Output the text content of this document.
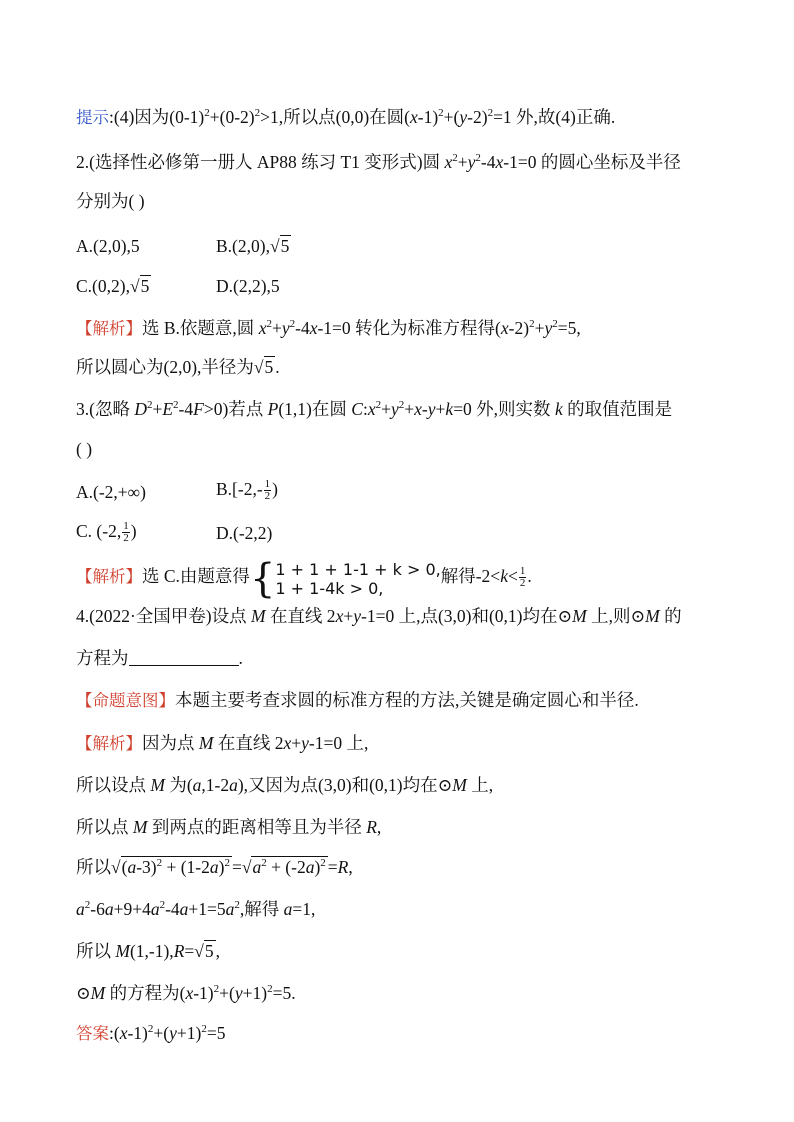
提示:(4)因为$(0-1)^2+(0-2)^2>1$,所以点(0,0)在圆$(x-1)^2+(y-2)^2=1$ 外,故(4)正确.

2.(选择性必修第一册人 AP88 练习 T1 变形式)圆 $x^2+y^2-4x-1=0$ 的圆心坐标及半径

分别为( )

A.(2,0),5	B.(2,0),√5

C.(0,2),√5	D.(2,2),5

【解析】选 B.依题意,圆 $x^2+y^2-4x-1=0$ 转化为标准方程得$(x-2)^2+y^2=5$,

所以圆心为(2,0),半径为√5 .

3.(忽略 $D^2+E^2-4F>0$)若点 P(1,1)在圆 $C:x^2+y^2+x-y+k=0$ 外,则实数 k 的取值范围是

( )

A.(-2,+∞)	$B.[-2,- \frac{1}{2}$ )

C. (-2, $\frac{1}{2}$ )	D.(-2,2)

【解析】选 C.由题意得{ 1 + 1 + 1-1 + k > 0,
1 + 1-4k > 0,
解得$-2<k< \frac{1}{2}$ .

4.(2022·全国甲卷)设点 M 在直线 2x+y-1=0 上,点(3,0)和(0,1)均在⊙M 上,则⊙M 的

方程为	.

【命题意图】本题主要考查求圆的标准方程的方法,关键是确定圆心和半径.

【解析】因为点 M 在直线 2x+y-1=0 上,

所以设点 M 为(a,1-2a),又因为点(3,0)和(0,1)均在⊙M 上,

所以点 M 到两点的距离相等且为半径 R,

所以$√(a-3)^2 + (1-2a)^2 =√a^2 + (-2a)^2 =R$,

$a^2-6a+9+4a^2-4a+1=5a^2$,解得 a=1,

所以 M(1,-1),R=√5 ,

⊙M 的方程为$(x-1)^2+(y+1)^2=5$.

答案$:(x-1)^2+(y+1)^2=5$
